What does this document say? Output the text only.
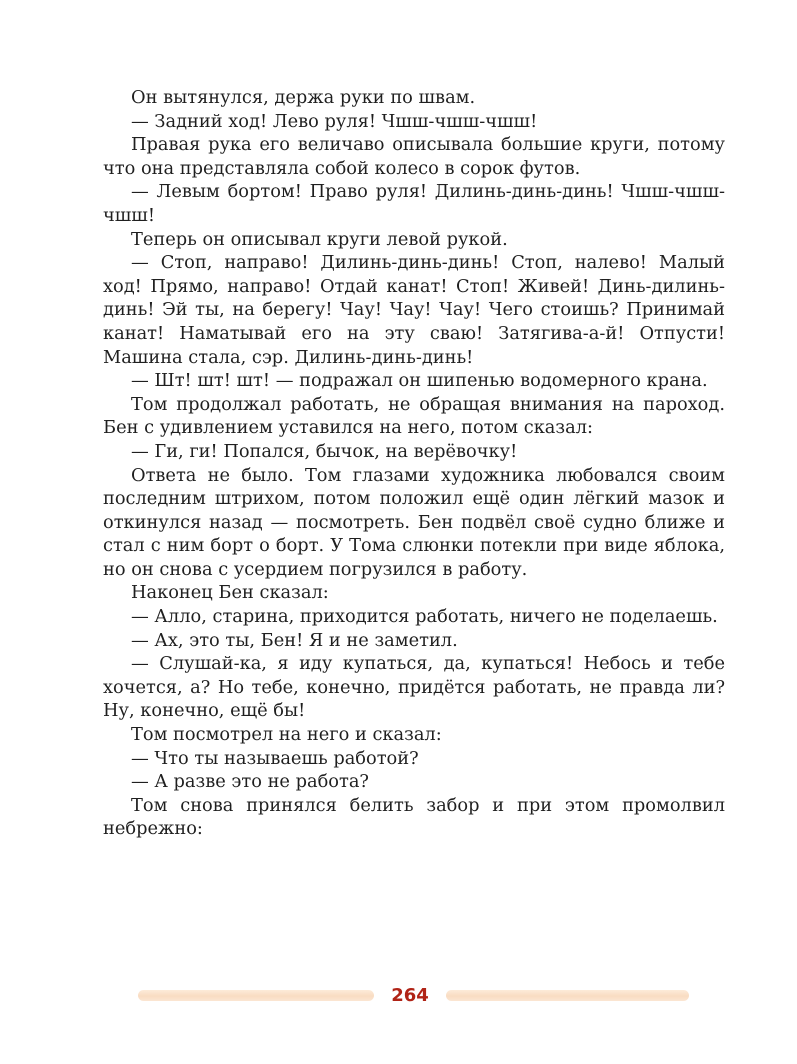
Он вытянулся, держа руки по швам.

— Задний ход! Лево руля! Чшш-чшш-чшш!

Правая рука его величаво описывала большие круги, потому что она представляла собой колесо в сорок футов.

— Левым бортом! Право руля! Дилинь-динь-динь! Чшш-чшш-чшш!

Теперь он описывал круги левой рукой.

— Стоп, направо! Дилинь-динь-динь! Стоп, налево! Малый ход! Прямо, направо! Отдай канат! Стоп! Живей! Динь-дилинь-динь! Эй ты, на берегу! Чау! Чау! Чау! Чего стоишь? Принимай канат! Наматывай его на эту сваю! Затягива-а-й! Отпусти! Машина стала, сэр. Дилинь-динь-динь!

— Шт! шт! шт! — подражал он шипенью водомерного крана.

Том продолжал работать, не обращая внимания на пароход. Бен с удивлением уставился на него, потом сказал:

— Ги, ги! Попался, бычок, на верёвочку!

Ответа не было. Том глазами художника любовался своим последним штрихом, потом положил ещё один лёгкий мазок и откинулся назад — посмотреть. Бен подвёл своё судно ближе и стал с ним борт о борт. У Тома слюнки потекли при виде яблока, но он снова с усердием погрузился в работу.

Наконец Бен сказал:

— Алло, старина, приходится работать, ничего не поделаешь.

— Ах, это ты, Бен! Я и не заметил.

— Слушай-ка, я иду купаться, да, купаться! Небось и тебе хочется, а? Но тебе, конечно, придётся работать, не правда ли? Ну, конечно, ещё бы!

Том посмотрел на него и сказал:

— Что ты называешь работой?

— А разве это не работа?

Том снова принялся белить забор и при этом промолвил небрежно:

264
